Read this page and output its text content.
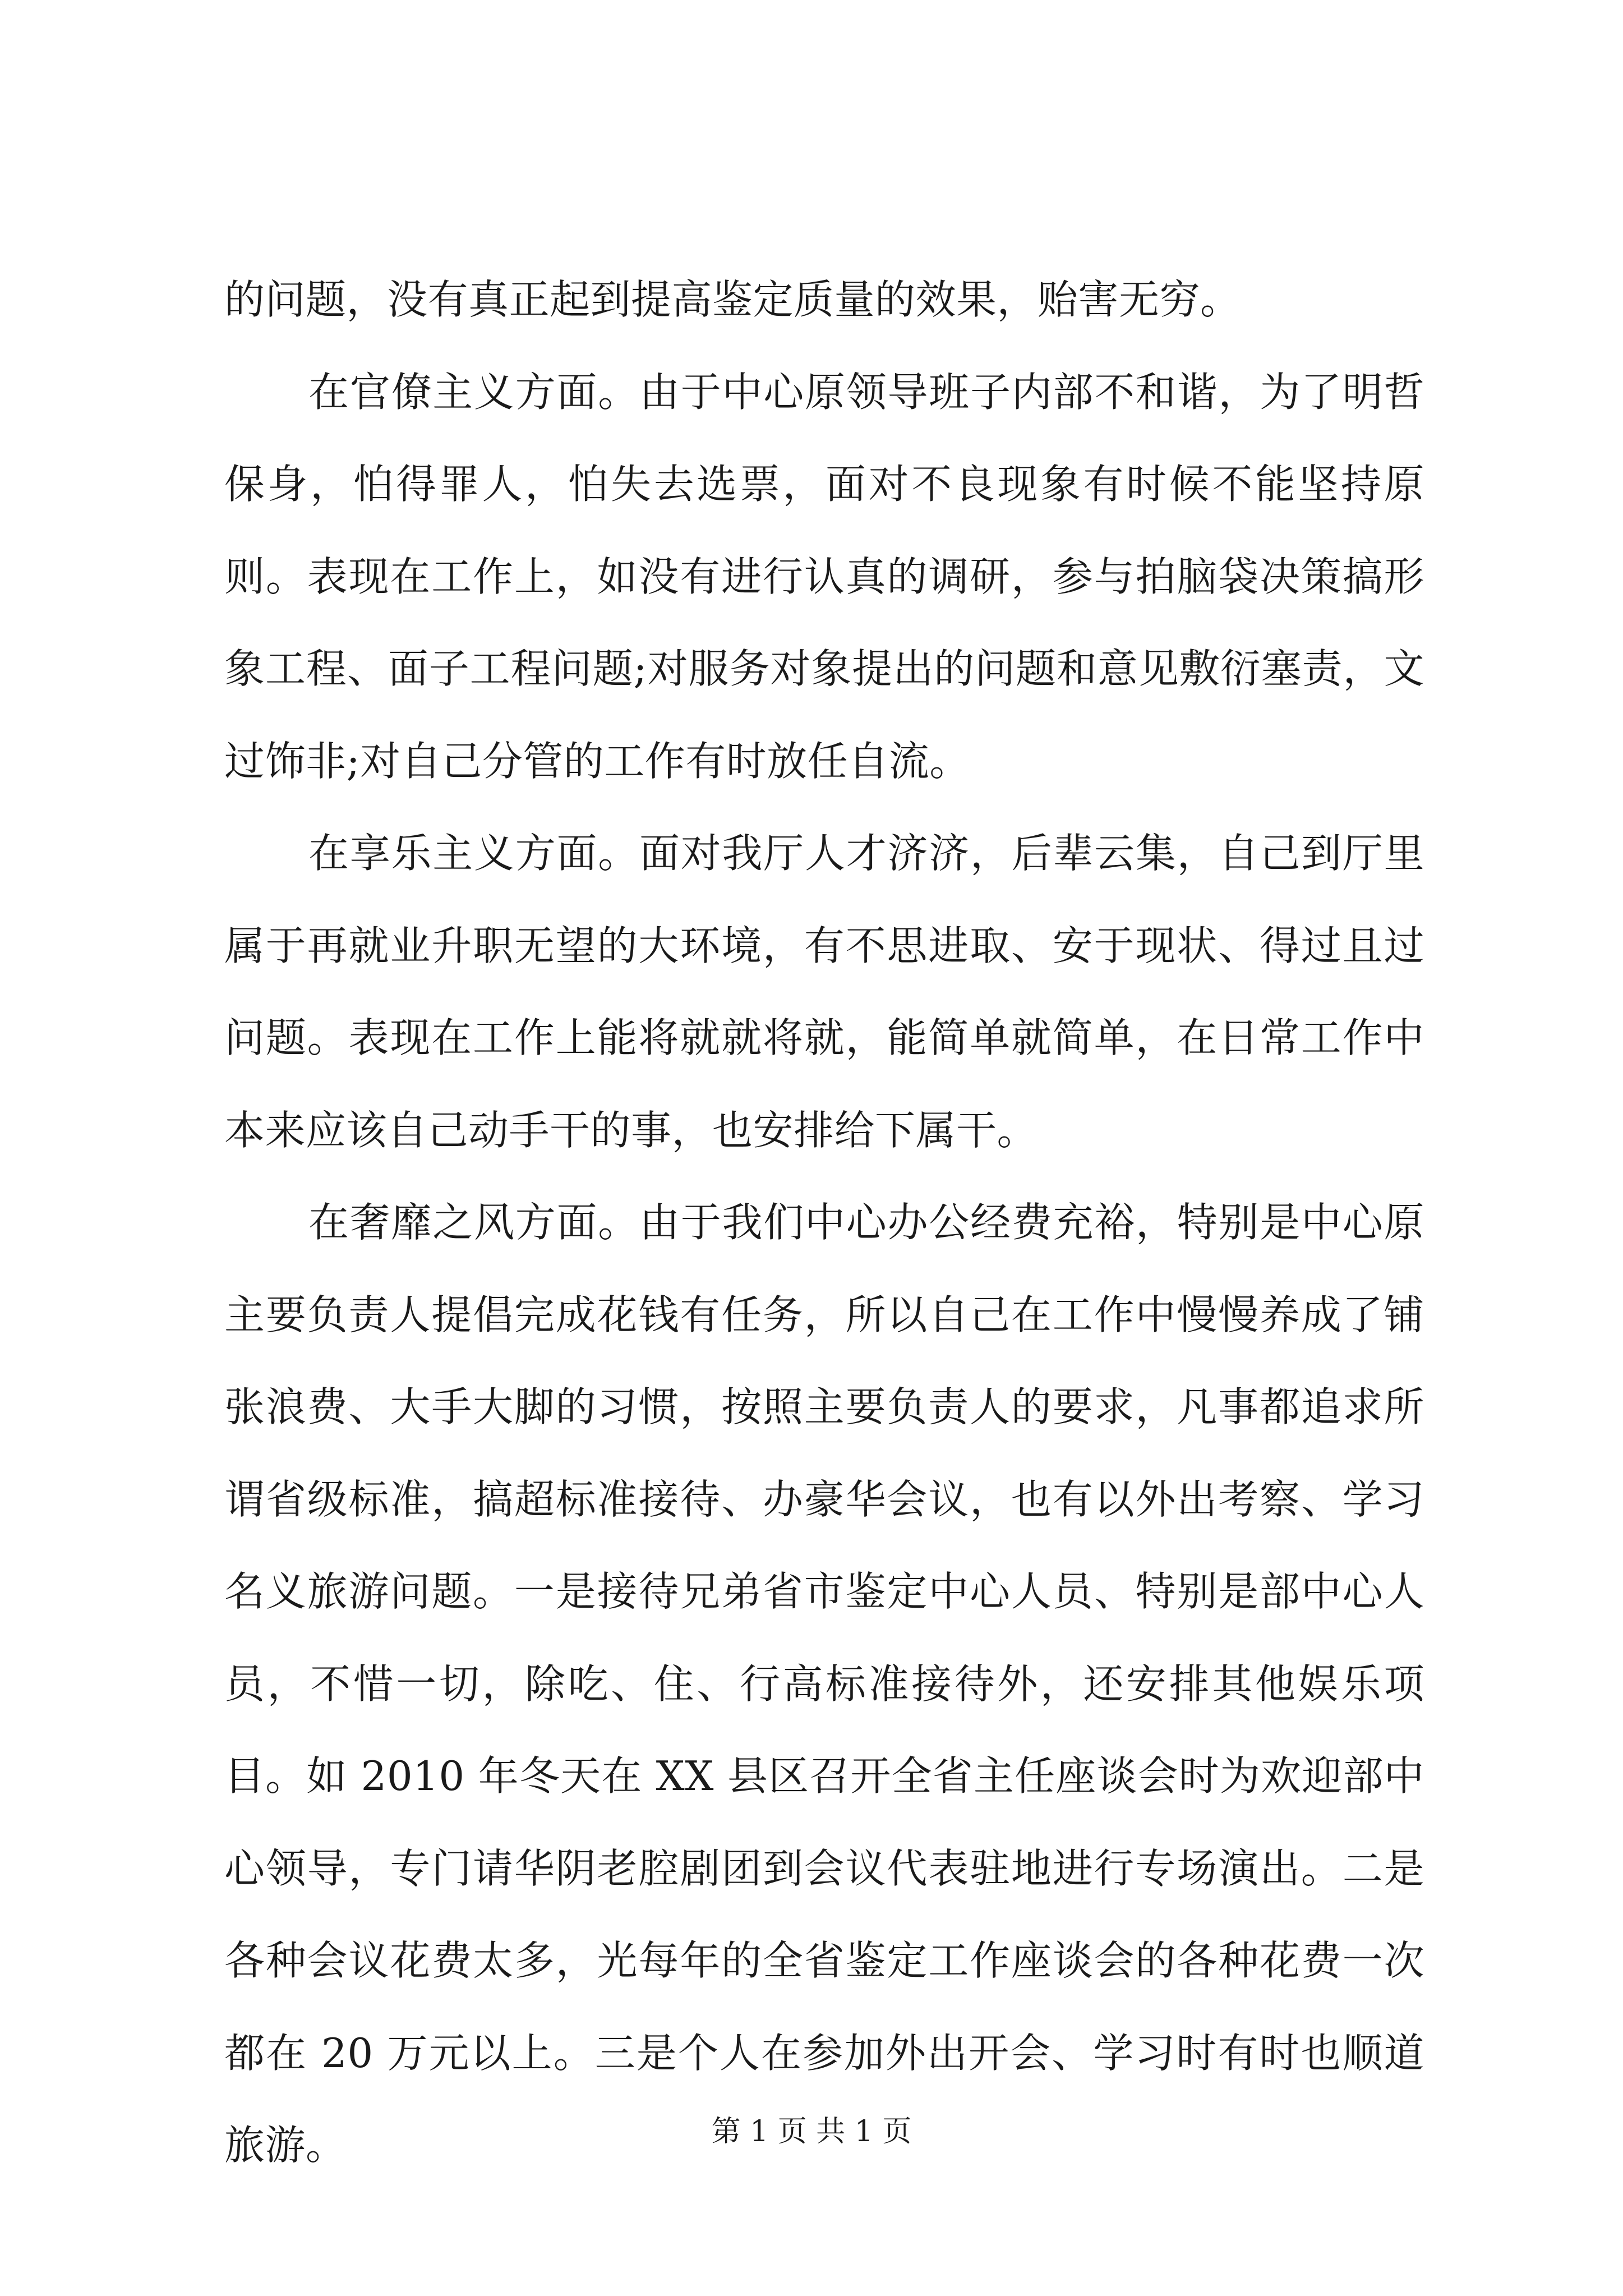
的问题，没有真正起到提高鉴定质量的效果，贻害无穷。

在官僚主义方面。由于中心原领导班子内部不和谐，为了明哲保身，怕得罪人，怕失去选票，面对不良现象有时候不能坚持原则。表现在工作上，如没有进行认真的调研，参与拍脑袋决策搞形象工程、面子工程问题;对服务对象提出的问题和意见敷衍塞责，文过饰非;对自己分管的工作有时放任自流。

在享乐主义方面。面对我厅人才济济，后辈云集，自己到厅里属于再就业升职无望的大环境，有不思进取、安于现状、得过且过问题。表现在工作上能将就就将就，能简单就简单，在日常工作中本来应该自己动手干的事，也安排给下属干。

在奢靡之风方面。由于我们中心办公经费充裕，特别是中心原主要负责人提倡完成花钱有任务，所以自己在工作中慢慢养成了铺张浪费、大手大脚的习惯，按照主要负责人的要求，凡事都追求所谓省级标准，搞超标准接待、办豪华会议，也有以外出考察、学习名义旅游问题。一是接待兄弟省市鉴定中心人员、特别是部中心人员，不惜一切，除吃、住、行高标准接待外，还安排其他娱乐项目。如 2010 年冬天在 XX 县区召开全省主任座谈会时为欢迎部中心领导，专门请华阴老腔剧团到会议代表驻地进行专场演出。二是各种会议花费太多，光每年的全省鉴定工作座谈会的各种花费一次都在 20 万元以上。三是个人在参加外出开会、学习时有时也顺道旅游。	第 1 页 共 1 页
